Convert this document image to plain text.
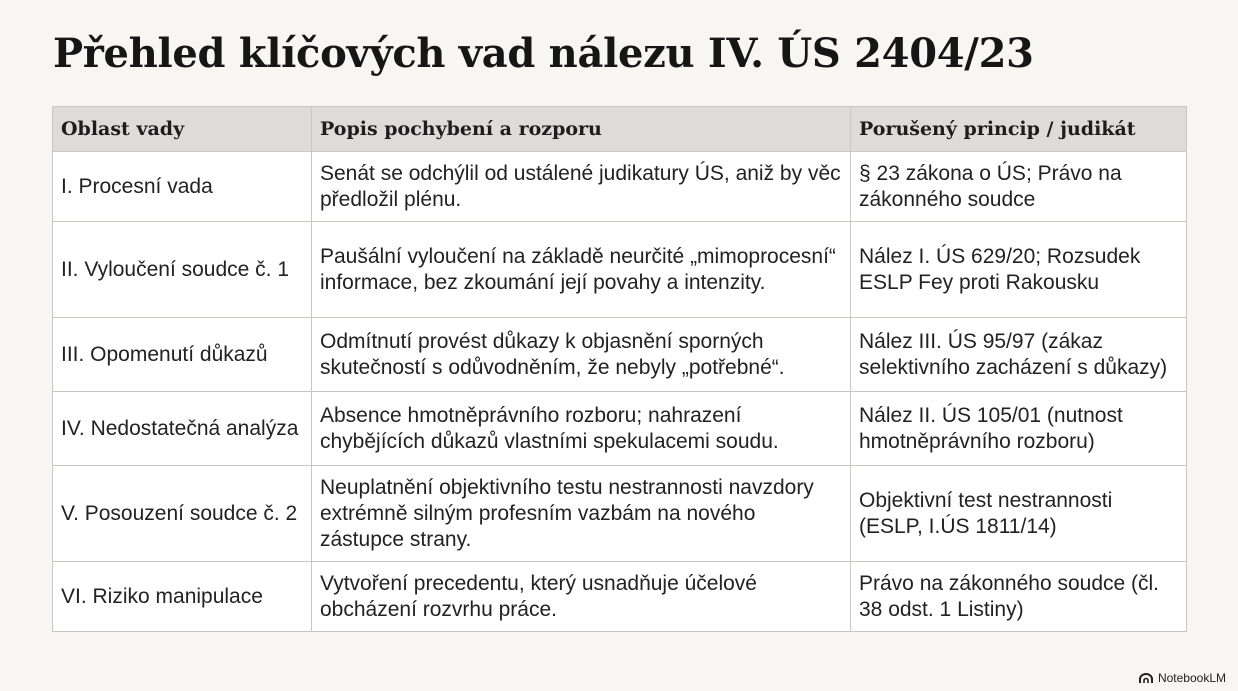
Přehled klíčových vad nálezu IV. ÚS 2404/23
Oblast vady	Popis pochybení a rozporu	Porušený princip / judikát
I. Procesní vada	Senát se odchýlil od ustálené judikatury ÚS, aniž by věc předložil plénu.	§ 23 zákona o ÚS; Právo na zákonného soudce
II. Vyloučení soudce č. 1	Paušální vyloučení na základě neurčité „mimoprocesní“ informace, bez zkoumání její povahy a intenzity.	Nález I. ÚS 629/20; Rozsudek ESLP Fey proti Rakousku
III. Opomenutí důkazů	Odmítnutí provést důkazy k objasnění sporných skutečností s odůvodněním, že nebyly „potřebné“.	Nález III. ÚS 95/97 (zákaz selektivního zacházení s důkazy)
IV. Nedostatečná analýza	Absence hmotněprávního rozboru; nahrazení chybějících důkazů vlastními spekulacemi soudu.	Nález II. ÚS 105/01 (nutnost hmotněprávního rozboru)
V. Posouzení soudce č. 2	Neuplatnění objektivního testu nestrannosti navzdory extrémně silným profesním vazbám na nového zástupce strany.	Objektivní test nestrannosti (ESLP, I.ÚS 1811/14)
VI. Riziko manipulace	Vytvoření precedentu, který usnadňuje účelové obcházení rozvrhu práce.	Právo na zákonného soudce (čl. 38 odst. 1 Listiny)
NotebookLM
